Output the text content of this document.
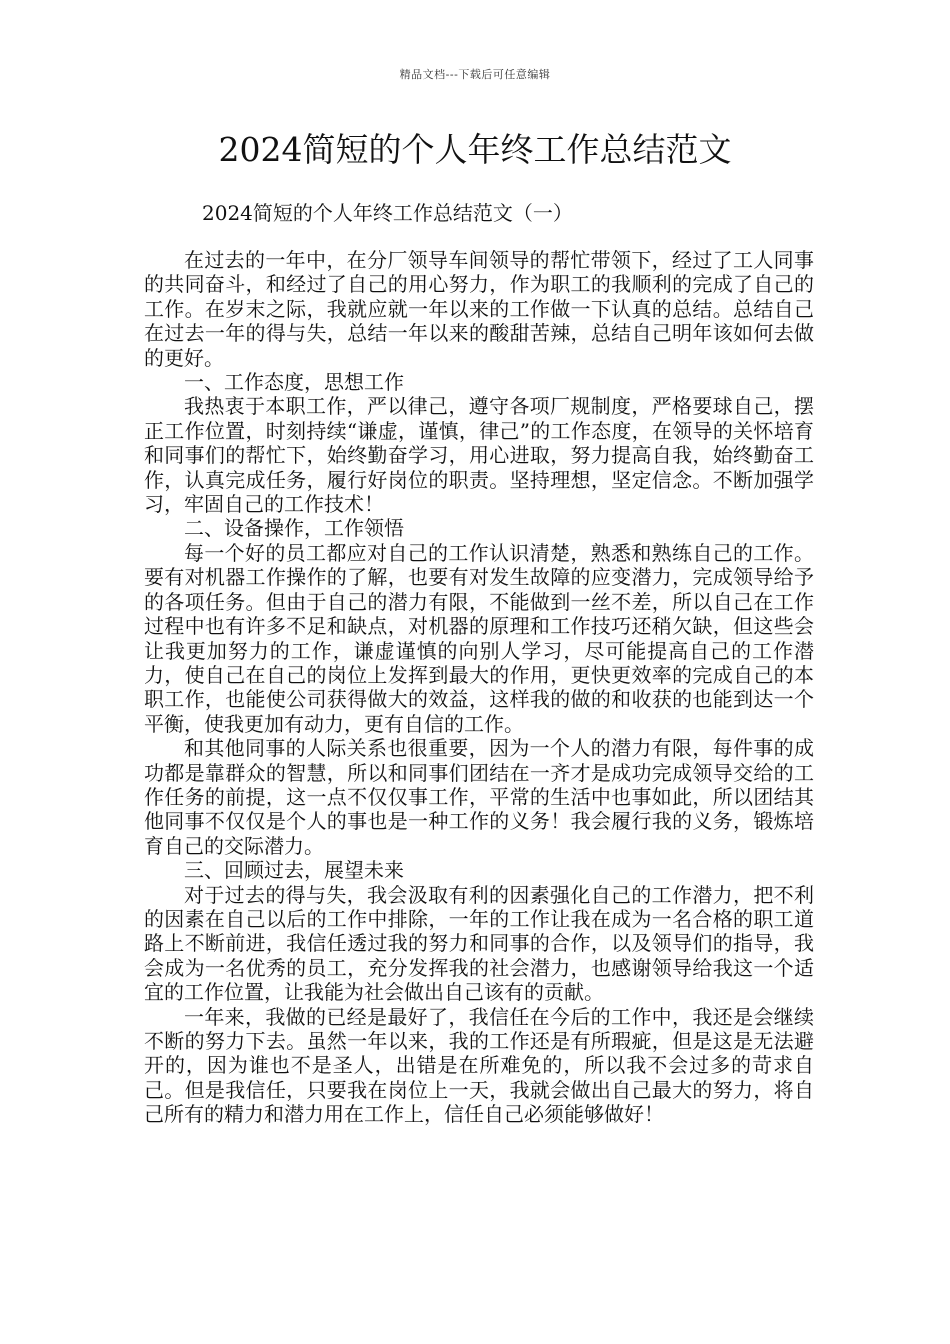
精品文档---下载后可任意编辑
2024简短的个人年终工作总结范文
2024简短的个人年终工作总结范文（一）

在过去的一年中，在分厂领导车间领导的帮忙带领下，经过了工人同事的共同奋斗，和经过了自己的用心努力，作为职工的我顺利的完成了自己的工作。在岁末之际，我就应就一年以来的工作做一下认真的总结。总结自己在过去一年的得与失，总结一年以来的酸甜苦辣，总结自己明年该如何去做的更好。

一、工作态度，思想工作

我热衷于本职工作，严以律己，遵守各项厂规制度，严格要球自己，摆正工作位置，时刻持续“谦虚，谨慎，律己”的工作态度，在领导的关怀培育和同事们的帮忙下，始终勤奋学习，用心进取，努力提高自我，始终勤奋工作，认真完成任务，履行好岗位的职责。坚持理想，坚定信念。不断加强学习，牢固自己的工作技术！

二、设备操作，工作领悟

每一个好的员工都应对自己的工作认识清楚，熟悉和熟练自己的工作。要有对机器工作操作的了解，也要有对发生故障的应变潜力，完成领导给予的各项任务。但由于自己的潜力有限，不能做到一丝不差，所以自己在工作过程中也有许多不足和缺点，对机器的原理和工作技巧还稍欠缺，但这些会让我更加努力的工作，谦虚谨慎的向别人学习，尽可能提高自己的工作潜力，使自己在自己的岗位上发挥到最大的作用，更快更效率的完成自己的本职工作，也能使公司获得做大的效益，这样我的做的和收获的也能到达一个平衡，使我更加有动力，更有自信的工作。

和其他同事的人际关系也很重要，因为一个人的潜力有限，每件事的成功都是靠群众的智慧，所以和同事们团结在一齐才是成功完成领导交给的工作任务的前提，这一点不仅仅事工作，平常的生活中也事如此，所以团结其他同事不仅仅是个人的事也是一种工作的义务！我会履行我的义务，锻炼培育自己的交际潜力。

三、回顾过去，展望未来

对于过去的得与失，我会汲取有利的因素强化自己的工作潜力，把不利的因素在自己以后的工作中排除，一年的工作让我在成为一名合格的职工道路上不断前进，我信任透过我的努力和同事的合作，以及领导们的指导，我会成为一名优秀的员工，充分发挥我的社会潜力，也感谢领导给我这一个适宜的工作位置，让我能为社会做出自己该有的贡献。

一年来，我做的已经是最好了，我信任在今后的工作中，我还是会继续不断的努力下去。虽然一年以来，我的工作还是有所瑕疵，但是这是无法避开的，因为谁也不是圣人，出错是在所难免的，所以我不会过多的苛求自己。但是我信任，只要我在岗位上一天，我就会做出自己最大的努力，将自己所有的精力和潜力用在工作上，信任自己必须能够做好！
